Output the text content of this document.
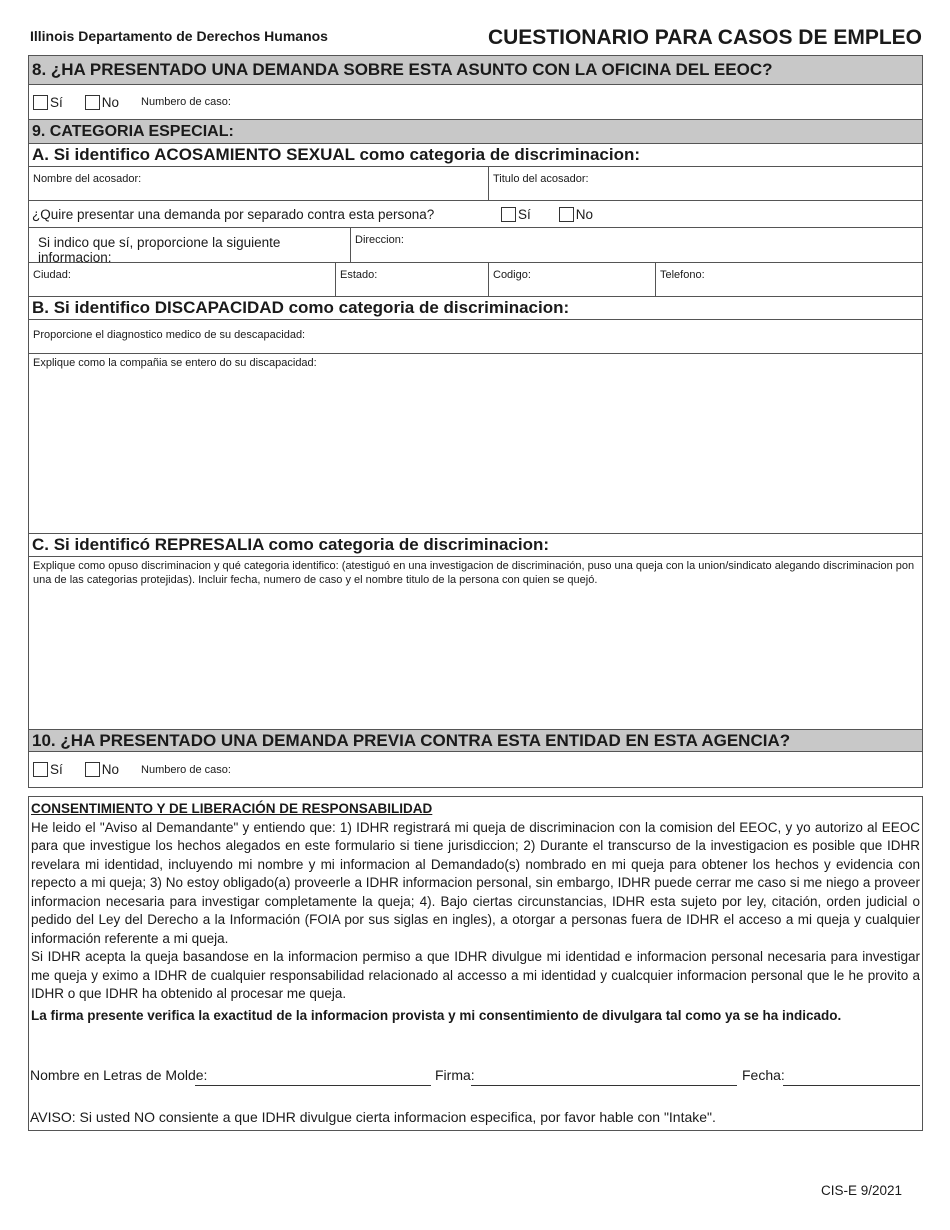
Illinois Departamento de Derechos Humanos	CUESTIONARIO PARA CASOS DE EMPLEO
8. ¿HA PRESENTADO UNA DEMANDA SOBRE ESTA ASUNTO CON LA OFICINA DEL EEOC?
Sí	No Numbero de caso:
9. CATEGORIA ESPECIAL:
A. Si identifico ACOSAMIENTO SEXUAL como categoria de discriminacion:
Nombre del acosador:	Titulo del acosador:
¿Quire presentar una demanda por separado contra esta persona?	Sí	No
Si indico que sí, proporcione la siguiente informacion:
Direccion:
Ciudad:	Estado:	Codigo:	Telefono:
B. Si identifico DISCAPACIDAD como categoria de discriminacion:
Proporcione el diagnostico medico de su descapacidad:
Explique como la compañia se entero do su discapacidad:
C. Si identificó REPRESALIA como categoria de discriminacion:
Explique como opuso discriminacion y qué categoria identifico: (atestiguó en una investigacion de discriminación, puso una queja con la union/sindicato alegando discriminacion pon una de las categorias protejidas). Incluir fecha, numero de caso y el nombre titulo de la persona con quien se quejó.
10. ¿HA PRESENTADO UNA DEMANDA PREVIA CONTRA ESTA ENTIDAD EN ESTA AGENCIA?
Sí	No Numbero de caso:
CONSENTIMIENTO Y DE LIBERACIÓN DE RESPONSABILIDAD

He leido el "Aviso al Demandante" y entiendo que: 1) IDHR registrará mi queja de discriminacion con la comision del EEOC, y yo autorizo al EEOC para que investigue los hechos alegados en este formulario si tiene jurisdiccion; 2) Durante el transcurso de la investigacion es posible que IDHR revelara mi identidad, incluyendo mi nombre y mi informacion al Demandado(s) nombrado en mi queja para obtener los hechos y evidencia con repecto a mi queja; 3) No estoy obligado(a) proveerle a IDHR informacion personal, sin embargo, IDHR puede cerrar me caso si me niego a proveer informacion necesaria para investigar completamente la queja; 4). Bajo ciertas circunstancias, IDHR esta sujeto por ley, citación, orden judicial o pedido del Ley del Derecho a la Información (FOIA por sus siglas en ingles), a otorgar a personas fuera de IDHR el acceso a mi queja y cualquier información referente a mi queja.

Si IDHR acepta la queja basandose en la informacion permiso a que IDHR divulgue mi identidad e informacion personal necesaria para investigar me queja y eximo a IDHR de cualquier responsabilidad relacionado al accesso a mi identidad y cualcquier informacion personal que le he provito a IDHR o que IDHR ha obtenido al procesar me queja.

La firma presente verifica la exactitud de la informacion provista y mi consentimiento de divulgara tal como ya se ha indicado.

Nombre en Letras de Molde:	Firma:	Fecha:
AVISO: Si usted NO consiente a que IDHR divulgue cierta informacion especifica, por favor hable con "Intake".
CIS-E 9/2021
